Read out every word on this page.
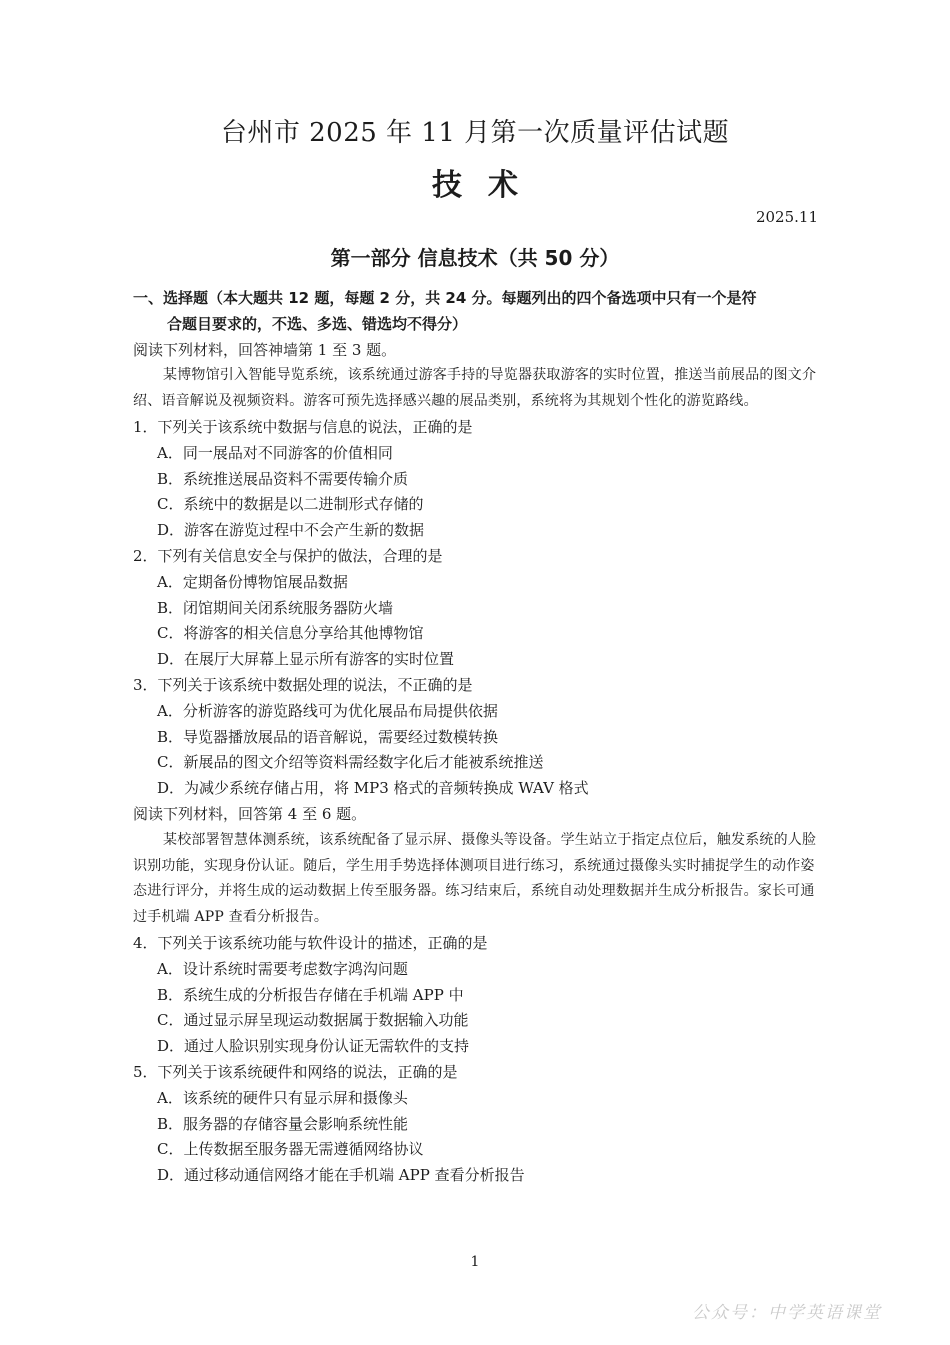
台州市 2025 年 11 月第一次质量评估试题
技术
2025.11
第一部分 信息技术（共 50 分）

一、选择题（本大题共 12 题，每题 2 分，共 24 分。每题列出的四个备选项中只有一个是符

合题目要求的，不选、多选、错选均不得分）

阅读下列材料，回答神墙第 1 至 3 题。

某博物馆引入智能导览系统，该系统通过游客手持的导览器获取游客的实时位置，推送当前展品的图文介绍、语音解说及视频资料。游客可预先选择感兴趣的展品类别，系统将为其规划个性化的游览路线。

1．下列关于该系统中数据与信息的说法，正确的是

A．同一展品对不同游客的价值相同

B．系统推送展品资料不需要传输介质

C．系统中的数据是以二进制形式存储的

D．游客在游览过程中不会产生新的数据

2．下列有关信息安全与保护的做法，合理的是

A．定期备份博物馆展品数据

B．闭馆期间关闭系统服务器防火墙

C．将游客的相关信息分享给其他博物馆

D．在展厅大屏幕上显示所有游客的实时位置

3．下列关于该系统中数据处理的说法，不正确的是

A．分析游客的游览路线可为优化展品布局提供依据

B．导览器播放展品的语音解说，需要经过数模转换

C．新展品的图文介绍等资料需经数字化后才能被系统推送

D．为减少系统存储占用，将 MP3 格式的音频转换成 WAV 格式

阅读下列材料，回答第 4 至 6 题。

某校部署智慧体测系统，该系统配备了显示屏、摄像头等设备。学生站立于指定点位后，触发系统的人脸识别功能，实现身份认证。随后，学生用手势选择体测项目进行练习，系统通过摄像头实时捕捉学生的动作姿态进行评分，并将生成的运动数据上传至服务器。练习结束后，系统自动处理数据并生成分析报告。家长可通过手机端 APP 查看分析报告。

4．下列关于该系统功能与软件设计的描述，正确的是

A．设计系统时需要考虑数字鸿沟问题

B．系统生成的分析报告存储在手机端 APP 中

C．通过显示屏呈现运动数据属于数据输入功能

D．通过人脸识别实现身份认证无需软件的支持

5．下列关于该系统硬件和网络的说法，正确的是

A．该系统的硬件只有显示屏和摄像头

B．服务器的存储容量会影响系统性能

C．上传数据至服务器无需遵循网络协议

D．通过移动通信网络才能在手机端 APP 查看分析报告

1
公众号：中学英语课堂
